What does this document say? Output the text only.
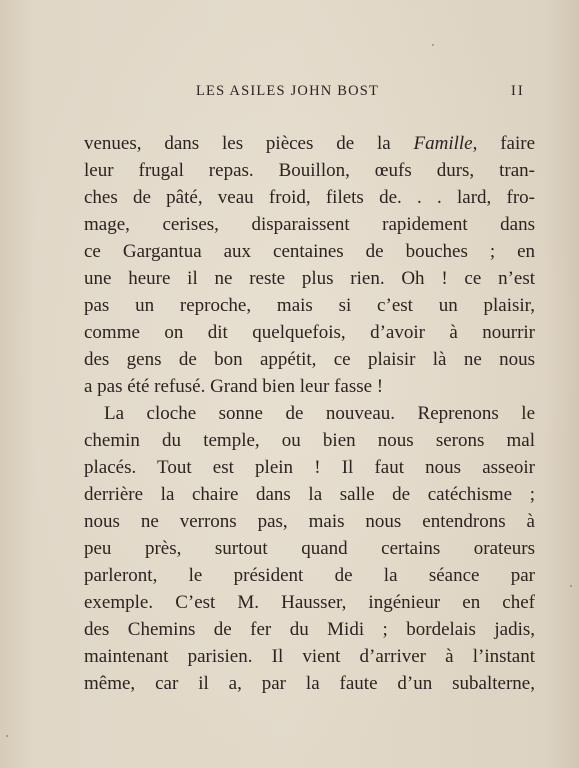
LES ASILES JOHN BOST	II
venues, dans les pièces de la Famille, faire
leur frugal repas. Bouillon, œufs durs, tran-
ches de pâté, veau froid, filets de. . . lard, fro-
mage, cerises, disparaissent rapidement dans
ce Gargantua aux centaines de bouches ; en
une heure il ne reste plus rien. Oh ! ce n’est
pas un reproche, mais si c’est un plaisir,
comme on dit quelquefois, d’avoir à nourrir
des gens de bon appétit, ce plaisir là ne nous
a pas été refusé. Grand bien leur fasse !
La cloche sonne de nouveau. Reprenons le
chemin du temple, ou bien nous serons mal
placés. Tout est plein ! Il faut nous asseoir
derrière la chaire dans la salle de catéchisme ;
nous ne verrons pas, mais nous entendrons à
peu près, surtout quand certains orateurs
parleront, le président de la séance par
exemple. C’est M. Hausser, ingénieur en chef
des Chemins de fer du Midi ; bordelais jadis,
maintenant parisien. Il vient d’arriver à l’instant
même, car il a, par la faute d’un subalterne,
